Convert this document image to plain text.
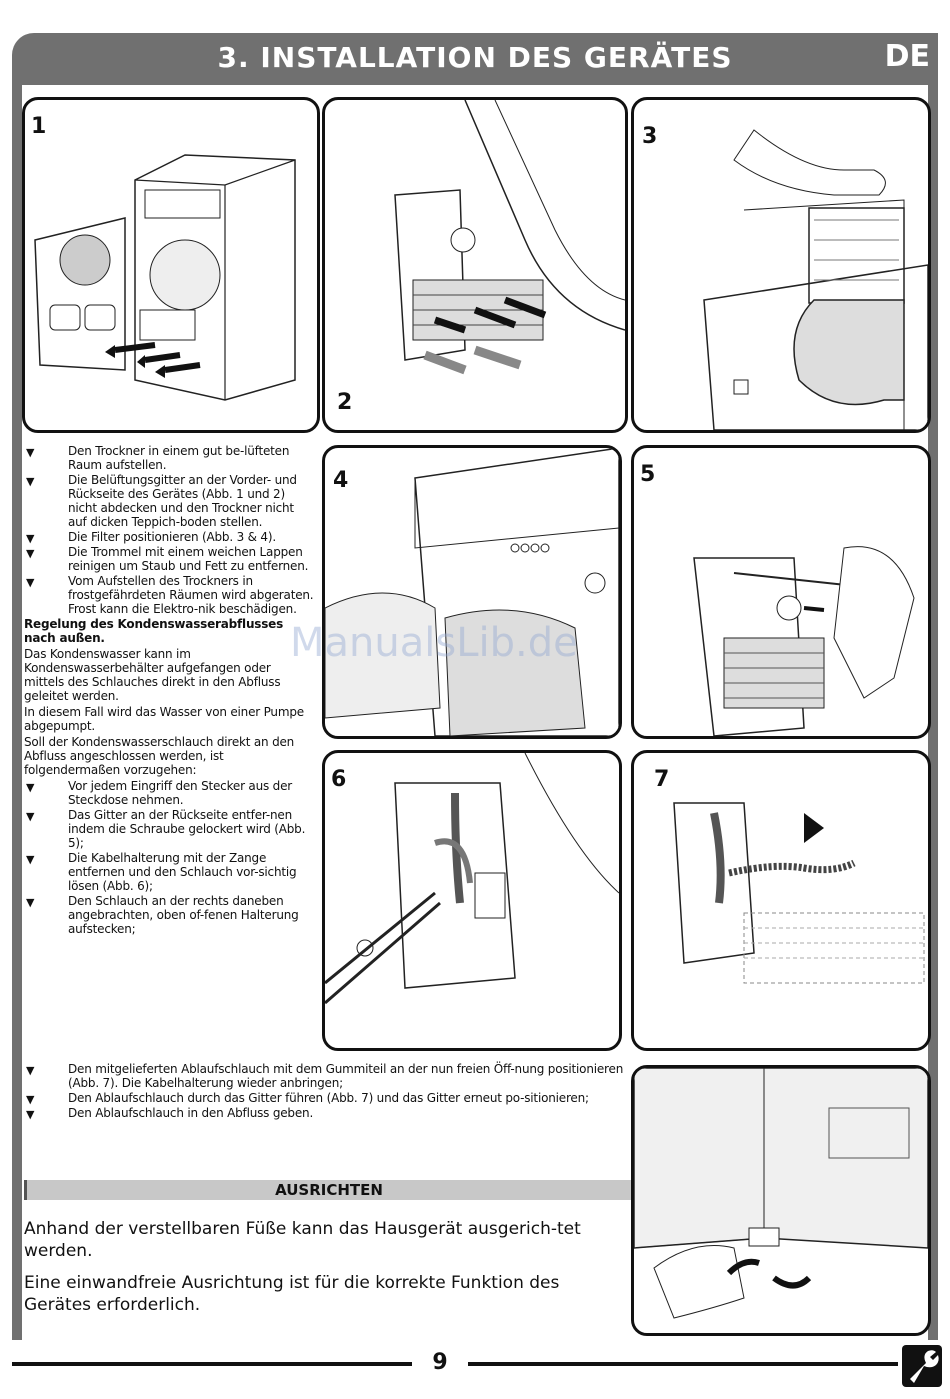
3. INSTALLATION DES GERÄTES	DE
1
2
3
4	5
6	7
▼	Den Trockner in einem gut be-lüfteten Raum aufstellen.
▼	Die Belüftungsgitter an der Vorder- und Rückseite des Gerätes (Abb. 1 und 2) nicht abdecken und den Trockner nicht auf dicken Teppich-boden stellen.
▼	Die Filter positionieren (Abb. 3 & 4).
▼	Die Trommel mit einem weichen Lappen reinigen um Staub und Fett zu entfernen.
▼	Vom Aufstellen des Trockners in frostgefährdeten Räumen wird abgeraten. Frost kann die Elektro-nik beschädigen.
Regelung des Kondenswasserabflusses nach außen.
Das Kondenswasser kann im Kondenswasserbehälter aufgefangen oder mittels des Schlauches direkt in den Abfluss geleitet werden.
In diesem Fall wird das Wasser von einer Pumpe abgepumpt.
Soll der Kondenswasserschlauch direkt an den Abfluss angeschlossen werden, ist folgendermaßen vorzugehen:
▼	Vor jedem Eingriff den Stecker aus der Steckdose nehmen.
▼	Das Gitter an der Rückseite entfer-nen indem die Schraube gelockert wird (Abb. 5);
▼	Die Kabelhalterung mit der Zange entfernen und den Schlauch vor-sichtig lösen (Abb. 6);
▼	Den Schlauch an der rechts daneben angebrachten, oben of-fenen Halterung aufstecken;
▼	Den mitgelieferten Ablaufschlauch mit dem Gummiteil an der nun freien Öff-nung positionieren (Abb. 7). Die Kabelhalterung wieder anbringen;
▼	Den Ablaufschlauch durch das Gitter führen (Abb. 7) und das Gitter erneut po-sitionieren;
▼	Den Ablaufschlauch in den Abfluss geben.
AUSRICHTEN
Anhand der verstellbaren Füße kann das Hausgerät ausgerich-tet werden.
Eine einwandfreie Ausrichtung ist für die korrekte Funktion des Gerätes erforderlich.
ManualsLib.de
9
